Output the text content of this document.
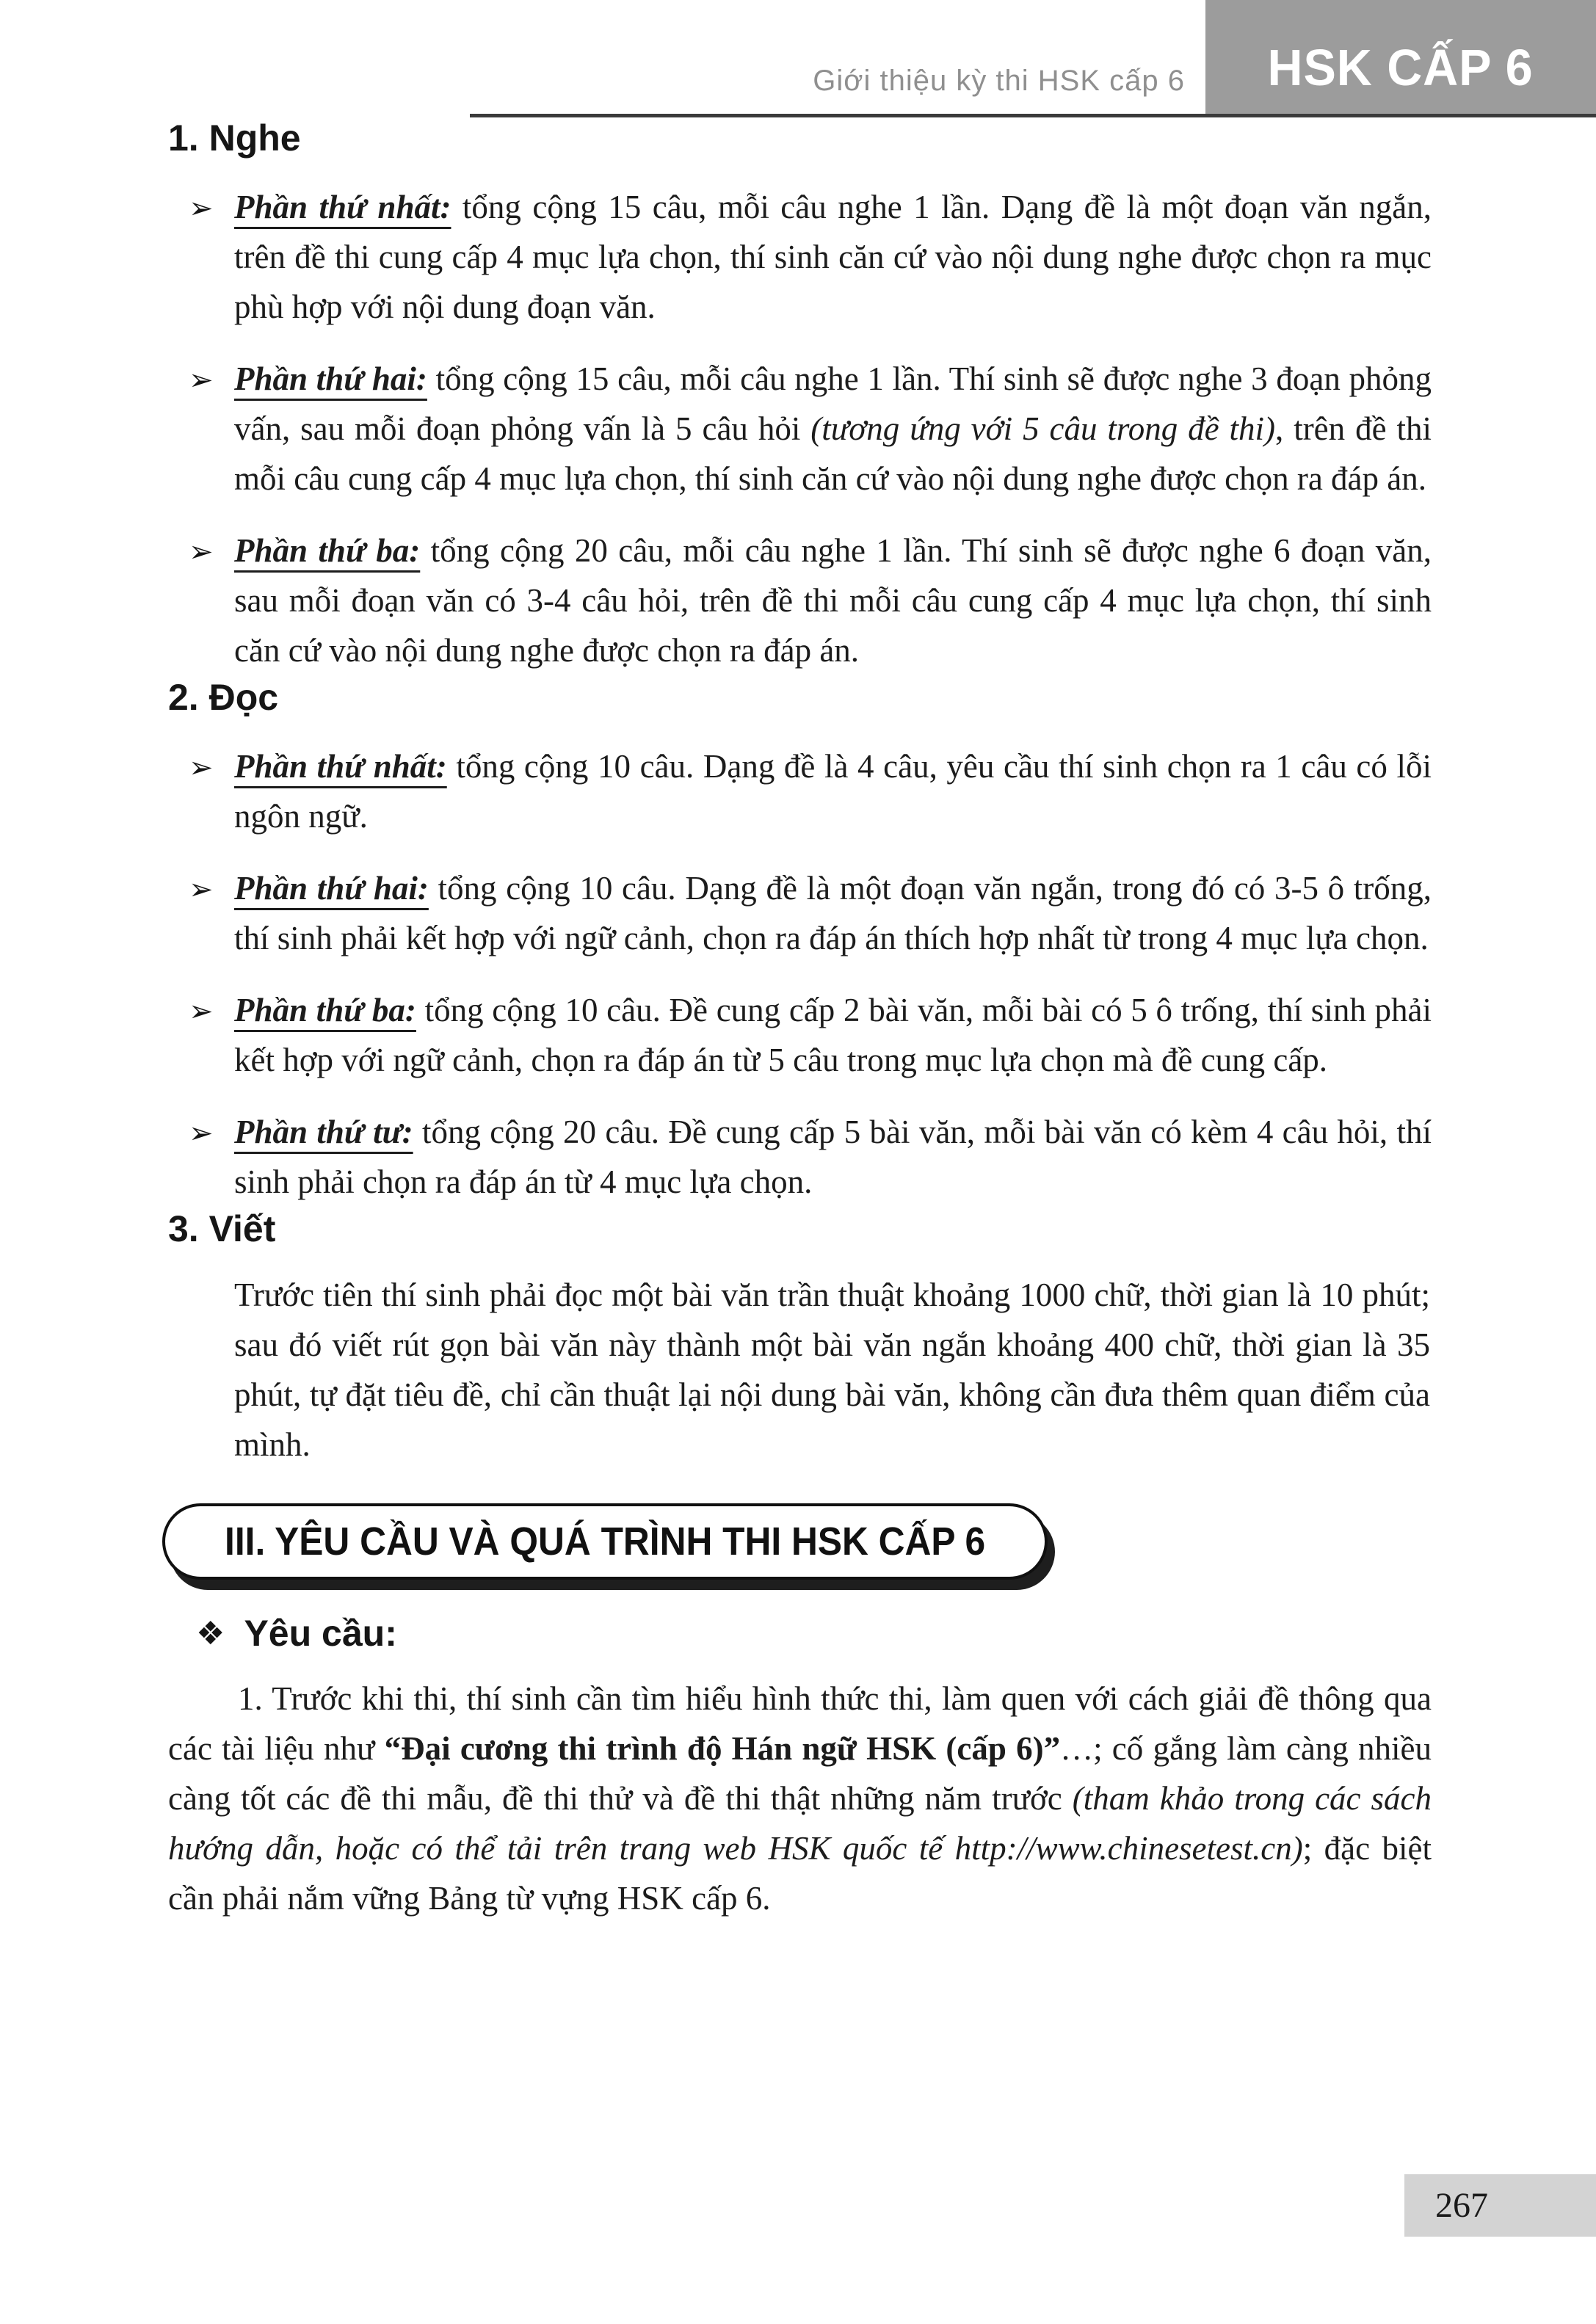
Giới thiệu kỳ thi HSK cấp 6 HSK CẤP 6
1. Nghe
➢ Phần thứ nhất: tổng cộng 15 câu, mỗi câu nghe 1 lần. Dạng đề là một đoạn văn ngắn, trên đề thi cung cấp 4 mục lựa chọn, thí sinh căn cứ vào nội dung nghe được chọn ra mục phù hợp với nội dung đoạn văn.
➢ Phần thứ hai: tổng cộng 15 câu, mỗi câu nghe 1 lần. Thí sinh sẽ được nghe 3 đoạn phỏng vấn, sau mỗi đoạn phỏng vấn là 5 câu hỏi (tương ứng với 5 câu trong đề thi), trên đề thi mỗi câu cung cấp 4 mục lựa chọn, thí sinh căn cứ vào nội dung nghe được chọn ra đáp án.
➢ Phần thứ ba: tổng cộng 20 câu, mỗi câu nghe 1 lần. Thí sinh sẽ được nghe 6 đoạn văn, sau mỗi đoạn văn có 3-4 câu hỏi, trên đề thi mỗi câu cung cấp 4 mục lựa chọn, thí sinh căn cứ vào nội dung nghe được chọn ra đáp án.
2. Đọc
➢ Phần thứ nhất: tổng cộng 10 câu. Dạng đề là 4 câu, yêu cầu thí sinh chọn ra 1 câu có lỗi ngôn ngữ.
➢ Phần thứ hai: tổng cộng 10 câu. Dạng đề là một đoạn văn ngắn, trong đó có 3-5 ô trống, thí sinh phải kết hợp với ngữ cảnh, chọn ra đáp án thích hợp nhất từ trong 4 mục lựa chọn.
➢ Phần thứ ba: tổng cộng 10 câu. Đề cung cấp 2 bài văn, mỗi bài có 5 ô trống, thí sinh phải kết hợp với ngữ cảnh, chọn ra đáp án từ 5 câu trong mục lựa chọn mà đề cung cấp.
➢ Phần thứ tư: tổng cộng 20 câu. Đề cung cấp 5 bài văn, mỗi bài văn có kèm 4 câu hỏi, thí sinh phải chọn ra đáp án từ 4 mục lựa chọn.
3. Viết

Trước tiên thí sinh phải đọc một bài văn trần thuật khoảng 1000 chữ, thời gian là 10 phút; sau đó viết rút gọn bài văn này thành một bài văn ngắn khoảng 400 chữ, thời gian là 35 phút, tự đặt tiêu đề, chỉ cần thuật lại nội dung bài văn, không cần đưa thêm quan điểm của mình.

III. YÊU CẦU VÀ QUÁ TRÌNH THI HSK CẤP 6
❖ Yêu cầu:

1. Trước khi thi, thí sinh cần tìm hiểu hình thức thi, làm quen với cách giải đề thông qua các tài liệu như “Đại cương thi trình độ Hán ngữ HSK (cấp 6)”…; cố gắng làm càng nhiều càng tốt các đề thi mẫu, đề thi thử và đề thi thật những năm trước (tham khảo trong các sách hướng dẫn, hoặc có thể tải trên trang web HSK quốc tế http://www.chinesetest.cn); đặc biệt cần phải nắm vững Bảng từ vựng HSK cấp 6.

267
